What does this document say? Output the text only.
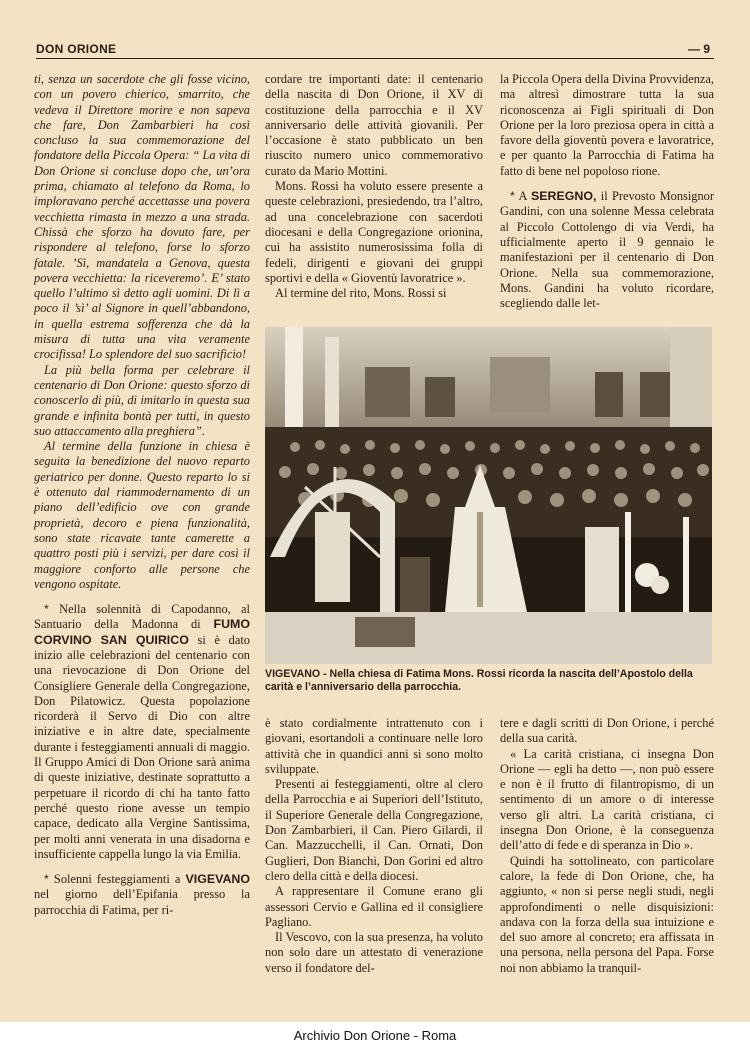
DON ORIONE	— 9

ti, senza un sacerdote che gli fosse vicino, con un povero chierico, smarrito, che vedeva il Direttore morire e non sapeva che fare, Don Zambarbieri ha così concluso la sua commemorazione del fondatore della Piccola Opera: “ La vita di Don Orione si concluse dopo che, un’ora prima, chiamato al telefono da Roma, lo imploravano perché accettasse una povera vecchietta rimasta in mezzo a una strada. Chissà che sforzo ha dovuto fare, per rispondere al telefono, forse lo sforzo fatale. ’Sì, mandatela a Genova, questa povera vecchietta: la riceveremo’. E’ stato quello l’ultimo sì detto agli uomini. Di lì a poco il ’sì’ al Signore in quell’abbandono, in quella estrema sofferenza che dà la misura di tutta una vita veramente crocifissa! Lo splendore del suo sacrificio!

La più bella forma per celebrare il centenario di Don Orione: questo sforzo di conoscerlo di più, di imitarlo in questa sua grande e infinita bontà per tutti, in questo suo attaccamento alla preghiera”.

Al termine della funzione in chiesa è seguita la benedizione del nuovo reparto geriatrico per donne. Questo reparto lo si è ottenuto dal riammodernamento di un piano dell’edificio ove con grande proprietà, decoro e piena funzionalità, sono state ricavate tante camerette a quattro posti più i servizi, per dare così il maggiore conforto alle persone che vengono ospitate.

* Nella solennità di Capodanno, al Santuario della Madonna di FUMO CORVINO SAN QUIRICO si è dato inizio alle celebrazioni del centenario con una rievocazione di Don Orione del Consigliere Generale della Congregazione, Don Pilatowicz. Questa popolazione ricorderà il Servo di Dio con altre iniziative e in altre date, specialmente durante i festeggiamenti annuali di maggio. Il Gruppo Amici di Don Orione sarà anima di queste iniziative, destinate soprattutto a perpetuare il ricordo di chi ha tanto fatto perché questo rione avesse un tempio capace, dedicato alla Vergine Santissima, per molti anni venerata in una disadorna e insufficiente cappella lungo la via Emilia.

* Solenni festeggiamenti a VIGEVANO nel giorno dell’Epifania presso la parrocchia di Fatima, per ri-

cordare tre importanti date: il centenario della nascita di Don Orione, il XV di costituzione della parrocchia e il XV anniversario delle attività giovanili. Per l’occasione è stato pubblicato un ben riuscito numero unico commemorativo curato da Mario Mottini.

Mons. Rossi ha voluto essere presente a queste celebrazioni, presiedendo, tra l’altro, ad una concelebrazione con sacerdoti diocesani e della Congregazione orionina, cui ha assistito numerosissima folla di fedeli, dirigenti e giovani dei gruppi sportivi e della « Gioventù lavoratrice ».

Al termine del rito, Mons. Rossi si

la Piccola Opera della Divina Provvidenza, ma altresì dimostrare tutta la sua riconoscenza ai Figli spirituali di Don Orione per la loro preziosa opera in città a favore della gioventù povera e lavoratrice, e per quanto la Parrocchia di Fatima ha fatto di bene nel popoloso rione.

* A SEREGNO, il Prevosto Monsignor Gandini, con una solenne Messa celebrata al Piccolo Cottolengo di via Verdi, ha ufficialmente aperto il 9 gennaio le manifestazioni per il centenario di Don Orione. Nella sua commemorazione, Mons. Gandini ha voluto ricordare, scegliendo dalle let-

VIGEVANO - Nella chiesa di Fatima Mons. Rossi ricorda la nascita dell’Apostolo della carità e l’anniversario della parrocchia.

è stato cordialmente intrattenuto con i giovani, esortandoli a continuare nelle loro attività che in quandici anni si sono molto sviluppate.

Presenti ai festeggiamenti, oltre al clero della Parrocchia e ai Superiori dell’Istituto, il Superiore Generale della Congregazione, Don Zambarbieri, il Can. Piero Gilardi, il Can. Mazzucchelli, il Can. Ornati, Don Guglieri, Don Bianchi, Don Gorini ed altro clero della città e della diocesi.

A rappresentare il Comune erano gli assessori Cervio e Gallina ed il consigliere Pagliano.

Il Vescovo, con la sua presenza, ha voluto non solo dare un attestato di venerazione verso il fondatore del-

tere e dagli scritti di Don Orione, i perché della sua carità.

« La carità cristiana, ci insegna Don Orione — egli ha detto —, non può essere e non è il frutto di filantropismo, di un sentimento di un amore o di interesse verso gli altri. La carità cristiana, ci insegna Don Orione, è la conseguenza dell’atto di fede e di speranza in Dio ».

Quindi ha sottolineato, con particolare calore, la fede di Don Orione, che, ha aggiunto, « non si perse negli studi, negli approfondimenti o nelle disquisizioni: andava con la forza della sua intuizione e del suo amore al concreto; era affissata in una persona, nella persona del Papa. Forse noi non abbiamo la tranquil-

Archivio Don Orione - Roma
